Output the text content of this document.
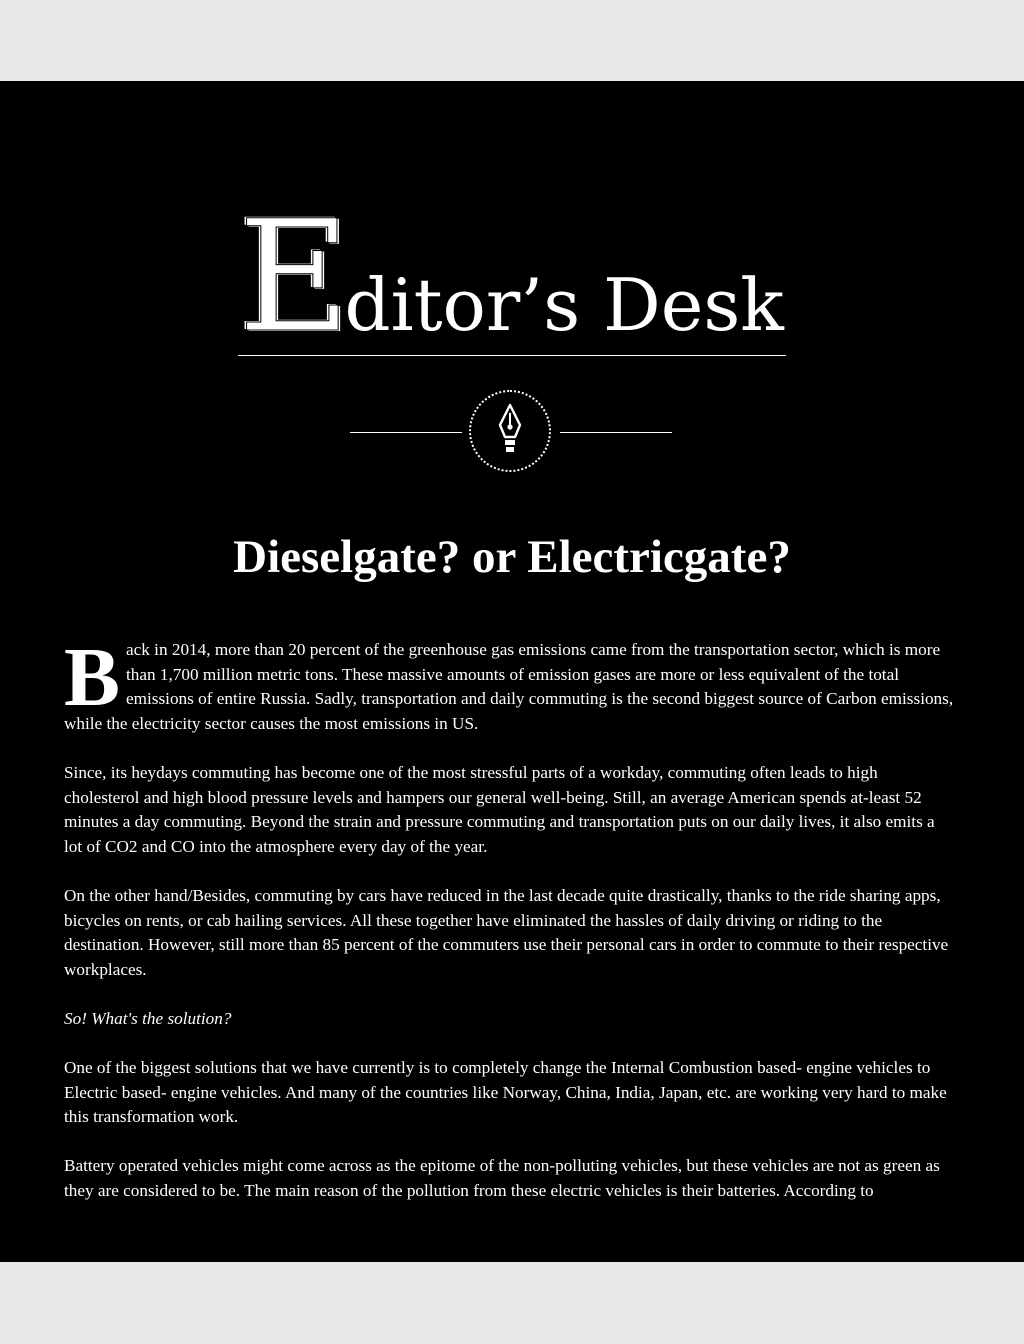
Editor’s Desk
Dieselgate? or Electricgate?

Back in 2014, more than 20 percent of the greenhouse gas emissions came from the transportation sector, which is more than 1,700 million metric tons. These massive amounts of emission gases are more or less equivalent of the total emissions of entire Russia. Sadly, transportation and daily commuting is the second biggest source of Carbon emissions, while the electricity sector causes the most emissions in US.

Since, its heydays commuting has become one of the most stressful parts of a workday, commuting often leads to high cholesterol and high blood pressure levels and hampers our general well-being. Still, an average American spends at-least 52 minutes a day commuting. Beyond the strain and pressure commuting and transportation puts on our daily lives, it also emits a lot of CO2 and CO into the atmosphere every day of the year.

On the other hand/Besides, commuting by cars have reduced in the last decade quite drastically, thanks to the ride sharing apps, bicycles on rents, or cab hailing services. All these together have eliminated the hassles of daily driving or riding to the destination. However, still more than 85 percent of the commuters use their personal cars in order to commute to their respective workplaces.

So! What's the solution?

One of the biggest solutions that we have currently is to completely change the Internal Combustion based- engine vehicles to Electric based- engine vehicles. And many of the countries like Norway, China, India, Japan, etc. are working very hard to make this transformation work.

Battery operated vehicles might come across as the epitome of the non-polluting vehicles, but these vehicles are not as green as they are considered to be. The main reason of the pollution from these electric vehicles is their batteries. According to
